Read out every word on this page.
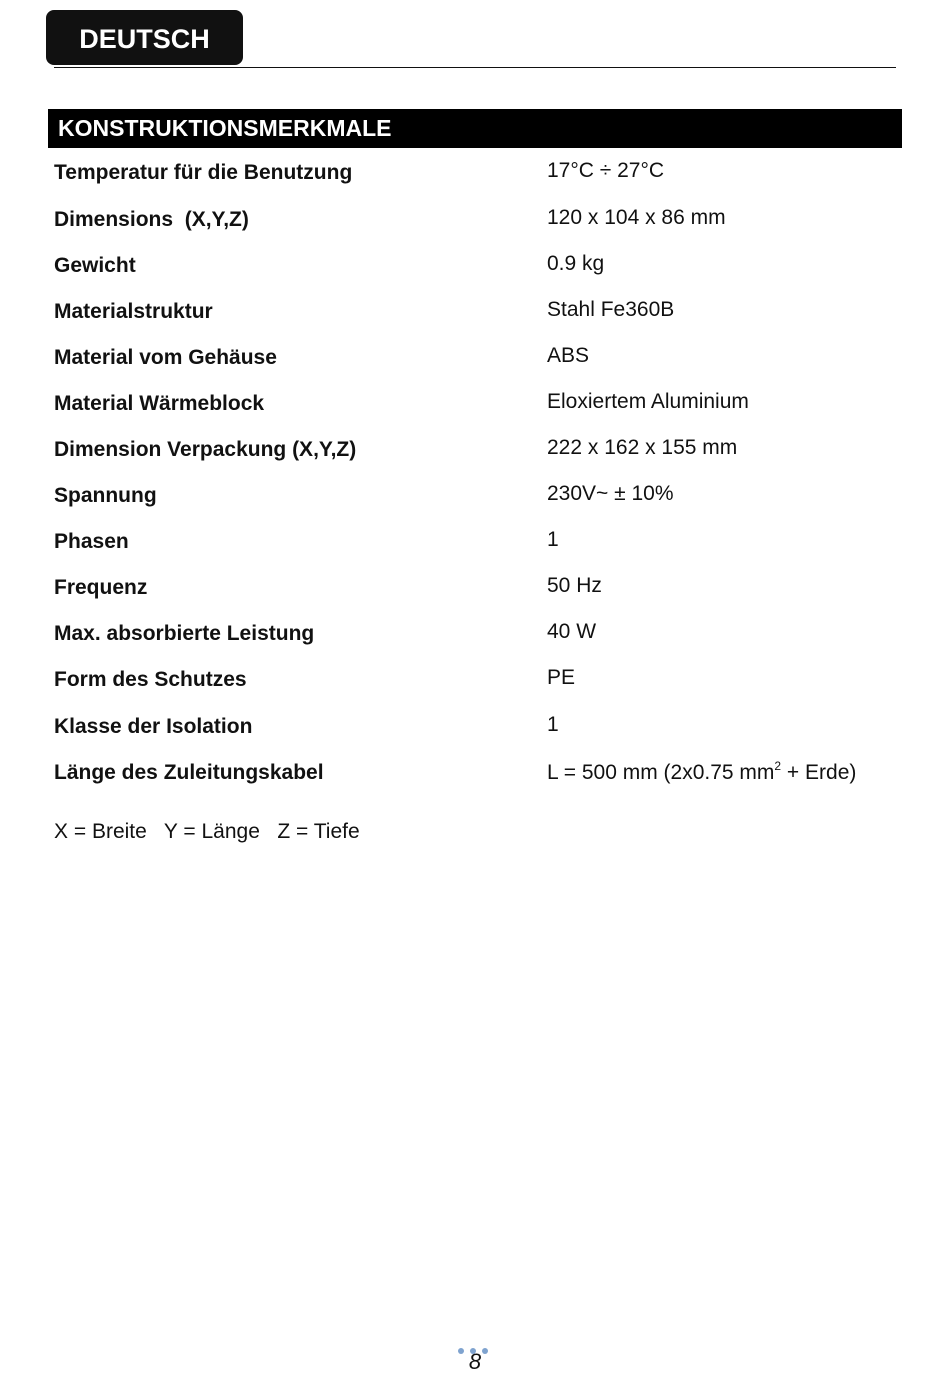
DEUTSCH
KONSTRUKTIONSMERKMALE
Temperatur für die Benutzung	17°C ÷ 27°C
Dimensions  (X,Y,Z)	120 x 104 x 86 mm
Gewicht	0.9 kg
Materialstruktur	Stahl Fe360B
Material vom Gehäuse	ABS
Material Wärmeblock	Eloxiertem Aluminium
Dimension Verpackung (X,Y,Z)	222 x 162 x 155 mm
Spannung	230V~ ± 10%
Phasen	1
Frequenz	50 Hz
Max. absorbierte Leistung	40 W
Form des Schutzes	PE
Klasse der Isolation	1
Länge des Zuleitungskabel	L = 500 mm (2x0.75 $mm^2$ + Erde)
X = Breite   Y = Länge   Z = Tiefe
8
